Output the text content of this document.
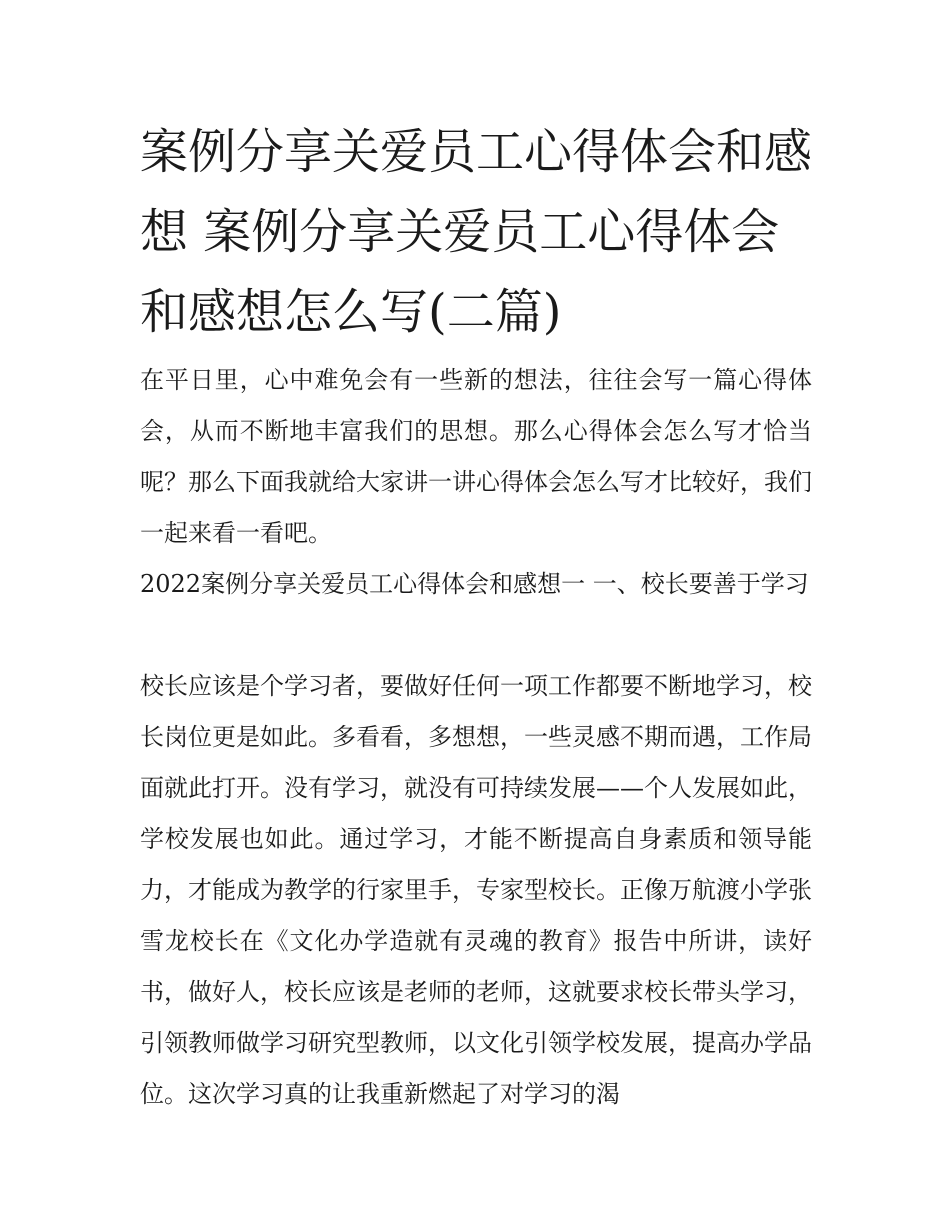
案例分享关爱员工心得体会和感想 案例分享关爱员工心得体会和感想怎么写(二篇)

在平日里，心中难免会有一些新的想法，往往会写一篇心得体会，从而不断地丰富我们的思想。那么心得体会怎么写才恰当呢？那么下面我就给大家讲一讲心得体会怎么写才比较好，我们一起来看一看吧。

2022案例分享关爱员工心得体会和感想一 一、校长要善于学习

校长应该是个学习者，要做好任何一项工作都要不断地学习，校长岗位更是如此。多看看，多想想，一些灵感不期而遇，工作局面就此打开。没有学习，就没有可持续发展——个人发展如此，学校发展也如此。通过学习，才能不断提高自身素质和领导能力，才能成为教学的行家里手，专家型校长。正像万航渡小学张雪龙校长在《文化办学造就有灵魂的教育》报告中所讲，读好书，做好人，校长应该是老师的老师，这就要求校长带头学习，引领教师做学习研究型教师，以文化引领学校发展，提高办学品位。这次学习真的让我重新燃起了对学习的渴
